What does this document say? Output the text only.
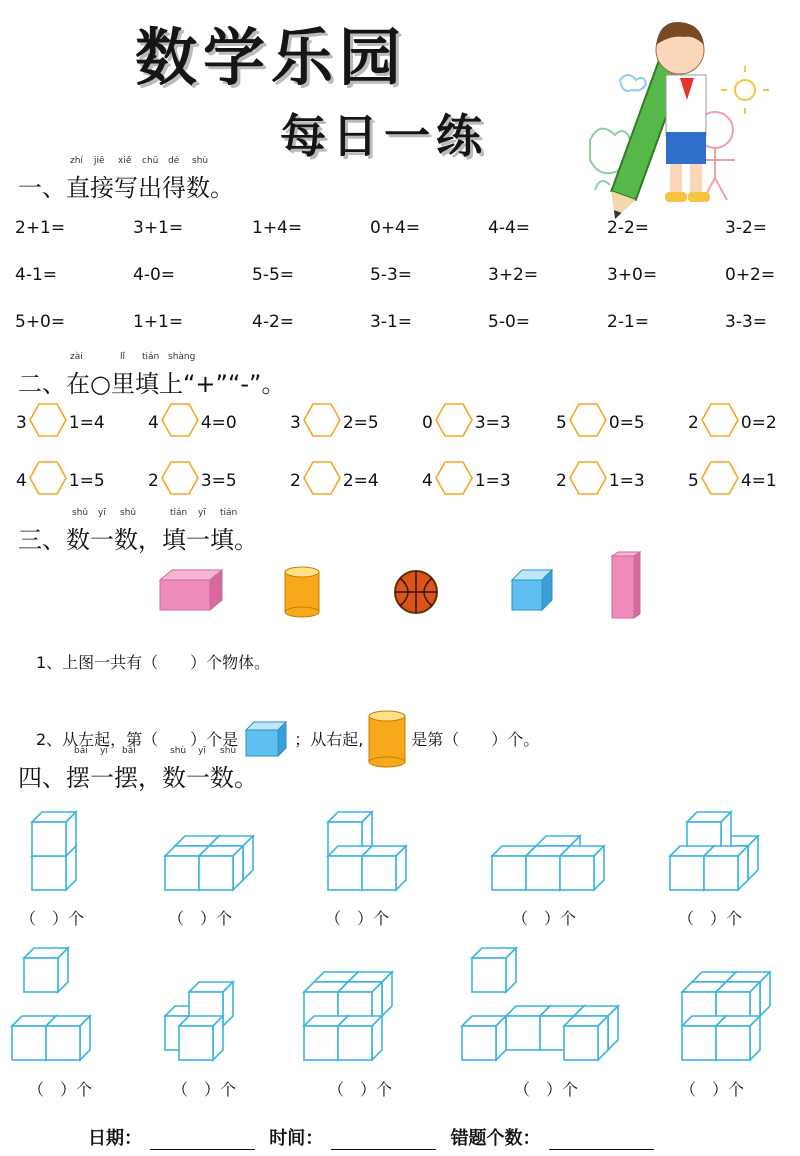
数学乐园
每日一练
一、直接写出得数。
zhí jiē xiě chū dé shù
2+1=	3+1=	1+4=	0+4=	4-4=	2-2=	3-2=
4-1=	4-0=	5-5=	5-3=	3+2=	3+0=	0+2=
5+0=	1+1=	4-2=	3-1=	5-0=	2-1=	3-3=
二、在○里填上“+”“-”。
zài	lǐ tián shàng
3 1=4	4 4=0	3 2=5	0 3=3	5 0=5	2 0=2
4 1=5	2 3=5	2 2=4	4 1=3	2 1=3	5 4=1
三、数一数，填一填。
shǔ yī shǔ	tián yī tián
1、上图一共有（　　）个物体。
2、从左起，第（　　）个是	；从右起,	是第（　　）个。
四、摆一摆，数一数。
bǎi yī bǎi	shù yī shù
（　）个	（　）个	（　）个	（　）个	（　）个
（　）个	（　）个	（　）个	（　）个	（　）个
日期：	时间：	错题个数：
